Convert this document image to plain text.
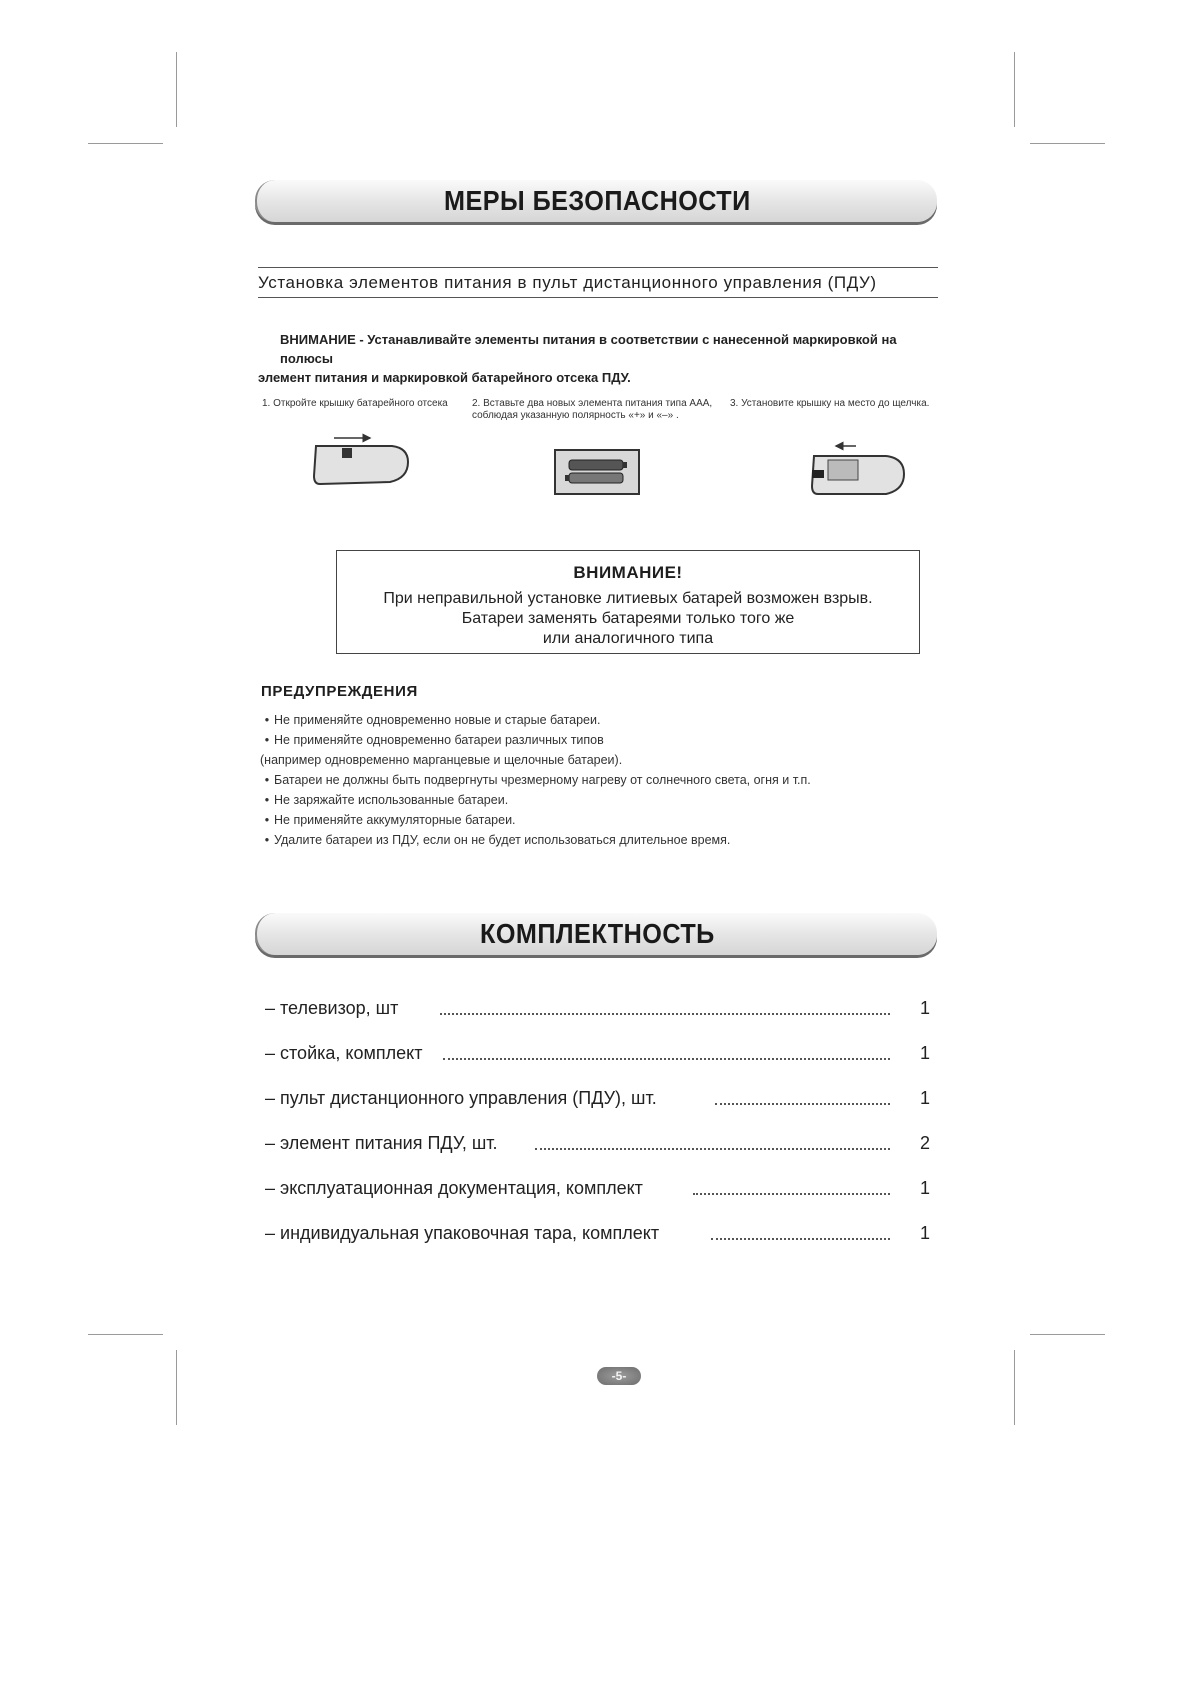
МЕРЫ БЕЗОПАСНОСТИ
Установка элементов питания в пульт дистанционного управления (ПДУ)
ВНИМАНИЕ - Устанавливайте элементы питания в соответствии с нанесенной маркировкой на полюсы
элемент питания и маркировкой батарейного отсека ПДУ.
1. Откройте крышку батарейного отсека 2. Вставьте два новых элемента питания типа AAA,
соблюдая указанную полярность «+» и «–» .
3. Установите крышку на место до щелчка.
ВНИМАНИЕ!
При неправильной установке литиевых батарей возможен взрыв.
Батареи заменять батареями только того же
или аналогичного типа
ПРЕДУПРЕЖДЕНИЯ
• Не применяйте одновременно новые и старые батареи.
• Не применяйте одновременно батареи различных типов
(например одновременно марганцевые и щелочные батареи).
• Батареи не должны быть подвергнуты чрезмерному нагреву от солнечного света, огня и т.п.
• Не заряжайте использованные батареи.
• Не применяйте аккумуляторные батареи.
• Удалите батареи из ПДУ, если он не будет использоваться длительное время.
КОМПЛЕКТНОСТЬ
– телевизор, шт	1
– стойка, комплект	1
– пульт дистанционного управления (ПДУ), шт.	1
– элемент питания ПДУ, шт.	2
– эксплуатационная документация, комплект	1
– индивидуальная упаковочная тара, комплект	1
-5-
